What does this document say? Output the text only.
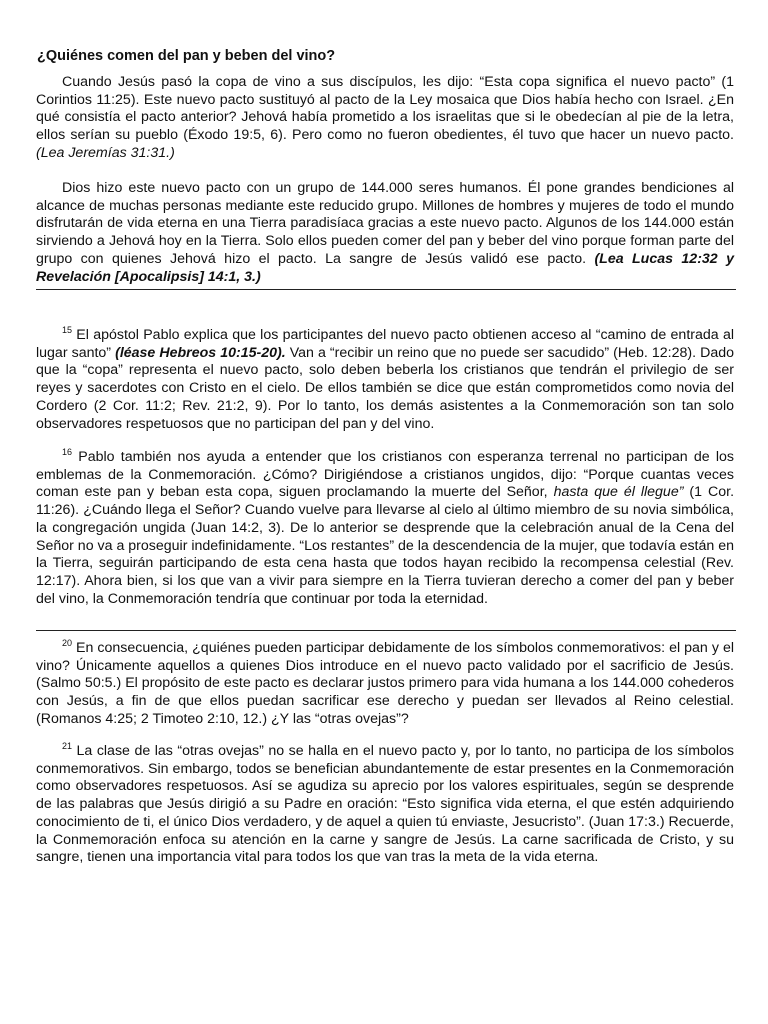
¿Quiénes comen del pan y beben del vino?

Cuando Jesús pasó la copa de vino a sus discípulos, les dijo: “Esta copa significa el nuevo pacto” (1 Corintios 11:25). Este nuevo pacto sustituyó al pacto de la Ley mosaica que Dios había hecho con Israel. ¿En qué consistía el pacto anterior? Jehová había prometido a los israelitas que si le obedecían al pie de la letra, ellos serían su pueblo (Éxodo 19:5, 6). Pero como no fueron obedientes, él tuvo que hacer un nuevo pacto. (Lea Jeremías 31:31.)

Dios hizo este nuevo pacto con un grupo de 144.000 seres humanos. Él pone grandes bendiciones al alcance de muchas personas mediante este reducido grupo. Millones de hombres y mujeres de todo el mundo disfrutarán de vida eterna en una Tierra paradisíaca gracias a este nuevo pacto. Algunos de los 144.000 están sirviendo a Jehová hoy en la Tierra. Solo ellos pueden comer del pan y beber del vino porque forman parte del grupo con quienes Jehová hizo el pacto. La sangre de Jesús validó ese pacto. (Lea Lucas 12:32 y Revelación [Apocalipsis] 14:1, 3.)

$^{15}$ El apóstol Pablo explica que los participantes del nuevo pacto obtienen acceso al “camino de entrada al lugar santo” (léase Hebreos 10:15-20). Van a “recibir un reino que no puede ser sacudido” (Heb. 12:28). Dado que la “copa” representa el nuevo pacto, solo deben beberla los cristianos que tendrán el privilegio de ser reyes y sacerdotes con Cristo en el cielo. De ellos también se dice que están comprometidos como novia del Cordero (2 Cor. 11:2; Rev. 21:2, 9). Por lo tanto, los demás asistentes a la Conmemoración son tan solo observadores respetuosos que no participan del pan y del vino.

$^{16}$ Pablo también nos ayuda a entender que los cristianos con esperanza terrenal no participan de los emblemas de la Conmemoración. ¿Cómo? Dirigiéndose a cristianos ungidos, dijo: “Porque cuantas veces coman este pan y beban esta copa, siguen proclamando la muerte del Señor, hasta que él llegue” (1 Cor. 11:26). ¿Cuándo llega el Señor? Cuando vuelve para llevarse al cielo al último miembro de su novia simbólica, la congregación ungida (Juan 14:2, 3). De lo anterior se desprende que la celebración anual de la Cena del Señor no va a proseguir indefinidamente. “Los restantes” de la descendencia de la mujer, que todavía están en la Tierra, seguirán participando de esta cena hasta que todos hayan recibido la recompensa celestial (Rev. 12:17). Ahora bien, si los que van a vivir para siempre en la Tierra tuvieran derecho a comer del pan y beber del vino, la Conmemoración tendría que continuar por toda la eternidad.

$^{20}$ En consecuencia, ¿quiénes pueden participar debidamente de los símbolos conmemorativos: el pan y el vino? Únicamente aquellos a quienes Dios introduce en el nuevo pacto validado por el sacrificio de Jesús. (Salmo 50:5.) El propósito de este pacto es declarar justos primero para vida humana a los 144.000 cohederos con Jesús, a fin de que ellos puedan sacrificar ese derecho y puedan ser llevados al Reino celestial. (Romanos 4:25; 2 Timoteo 2:10, 12.) ¿Y las “otras ovejas”?

$^{21}$ La clase de las “otras ovejas” no se halla en el nuevo pacto y, por lo tanto, no participa de los símbolos conmemorativos. Sin embargo, todos se benefician abundantemente de estar presentes en la Conmemoración como observadores respetuosos. Así se agudiza su aprecio por los valores espirituales, según se desprende de las palabras que Jesús dirigió a su Padre en oración: “Esto significa vida eterna, el que estén adquiriendo conocimiento de ti, el único Dios verdadero, y de aquel a quien tú enviaste, Jesucristo”. (Juan 17:3.) Recuerde, la Conmemoración enfoca su atención en la carne y sangre de Jesús. La carne sacrificada de Cristo, y su sangre, tienen una importancia vital para todos los que van tras la meta de la vida eterna.
